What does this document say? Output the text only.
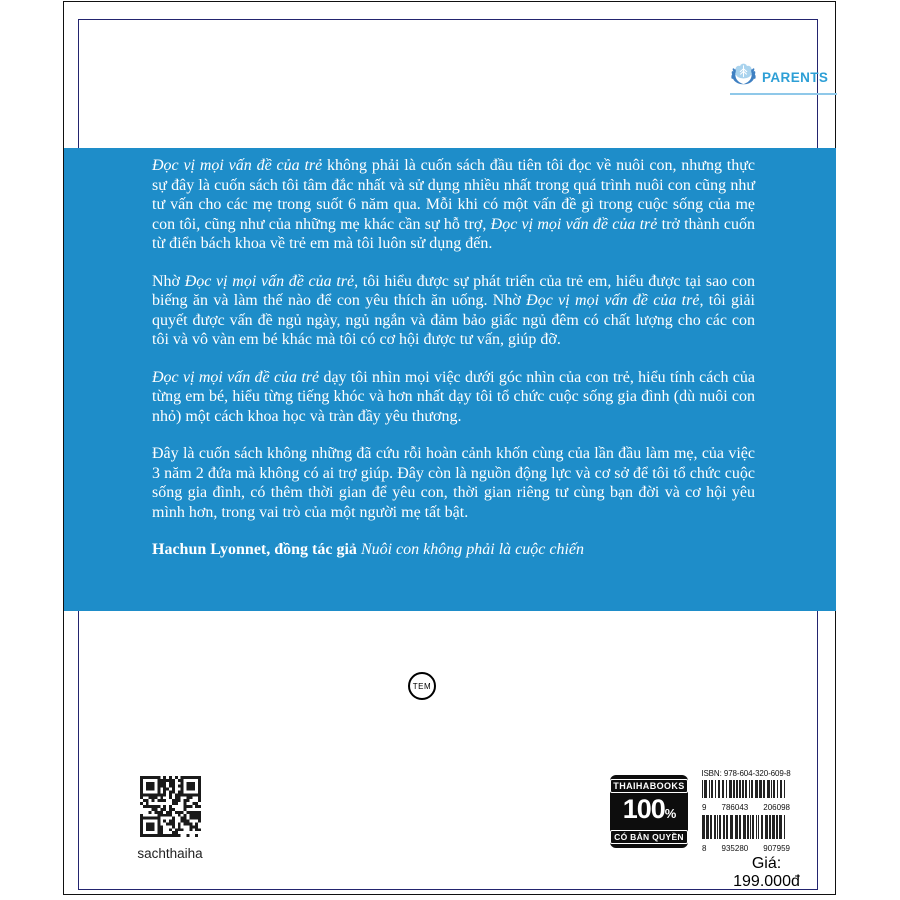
PARENTS

Đọc vị mọi vấn đề của trẻ không phải là cuốn sách đầu tiên tôi đọc về nuôi con, nhưng thực sự đây là cuốn sách tôi tâm đắc nhất và sử dụng nhiều nhất trong quá trình nuôi con cũng như tư vấn cho các mẹ trong suốt 6 năm qua. Mỗi khi có một vấn đề gì trong cuộc sống của mẹ con tôi, cũng như của những mẹ khác cần sự hỗ trợ, Đọc vị mọi vấn đề của trẻ trở thành cuốn từ điển bách khoa về trẻ em mà tôi luôn sử dụng đến.

Nhờ Đọc vị mọi vấn đề của trẻ, tôi hiểu được sự phát triển của trẻ em, hiểu được tại sao con biếng ăn và làm thế nào để con yêu thích ăn uống. Nhờ Đọc vị mọi vấn đề của trẻ, tôi giải quyết được vấn đề ngủ ngày, ngủ ngắn và đảm bảo giấc ngủ đêm có chất lượng cho các con tôi và vô vàn em bé khác mà tôi có cơ hội được tư vấn, giúp đỡ.

Đọc vị mọi vấn đề của trẻ dạy tôi nhìn mọi việc dưới góc nhìn của con trẻ, hiểu tính cách của từng em bé, hiểu từng tiếng khóc và hơn nhất dạy tôi tổ chức cuộc sống gia đình (dù nuôi con nhỏ) một cách khoa học và tràn đầy yêu thương.

Đây là cuốn sách không những đã cứu rỗi hoàn cảnh khốn cùng của lần đầu làm mẹ, của việc 3 năm 2 đứa mà không có ai trợ giúp. Đây còn là nguồn động lực và cơ sở để tôi tổ chức cuộc sống gia đình, có thêm thời gian để yêu con, thời gian riêng tư cùng bạn đời và cơ hội yêu mình hơn, trong vai trò của một người mẹ tất bật.

Hachun Lyonnet, đồng tác giả Nuôi con không phải là cuộc chiến

TEM
sachthaiha
THAIHABOOKS
100%
CÓ BẢN QUYỀN
ISBN: 978-604-320-609-8
9 786043 206098
8 935280 907959
Giá: 199.000đ
